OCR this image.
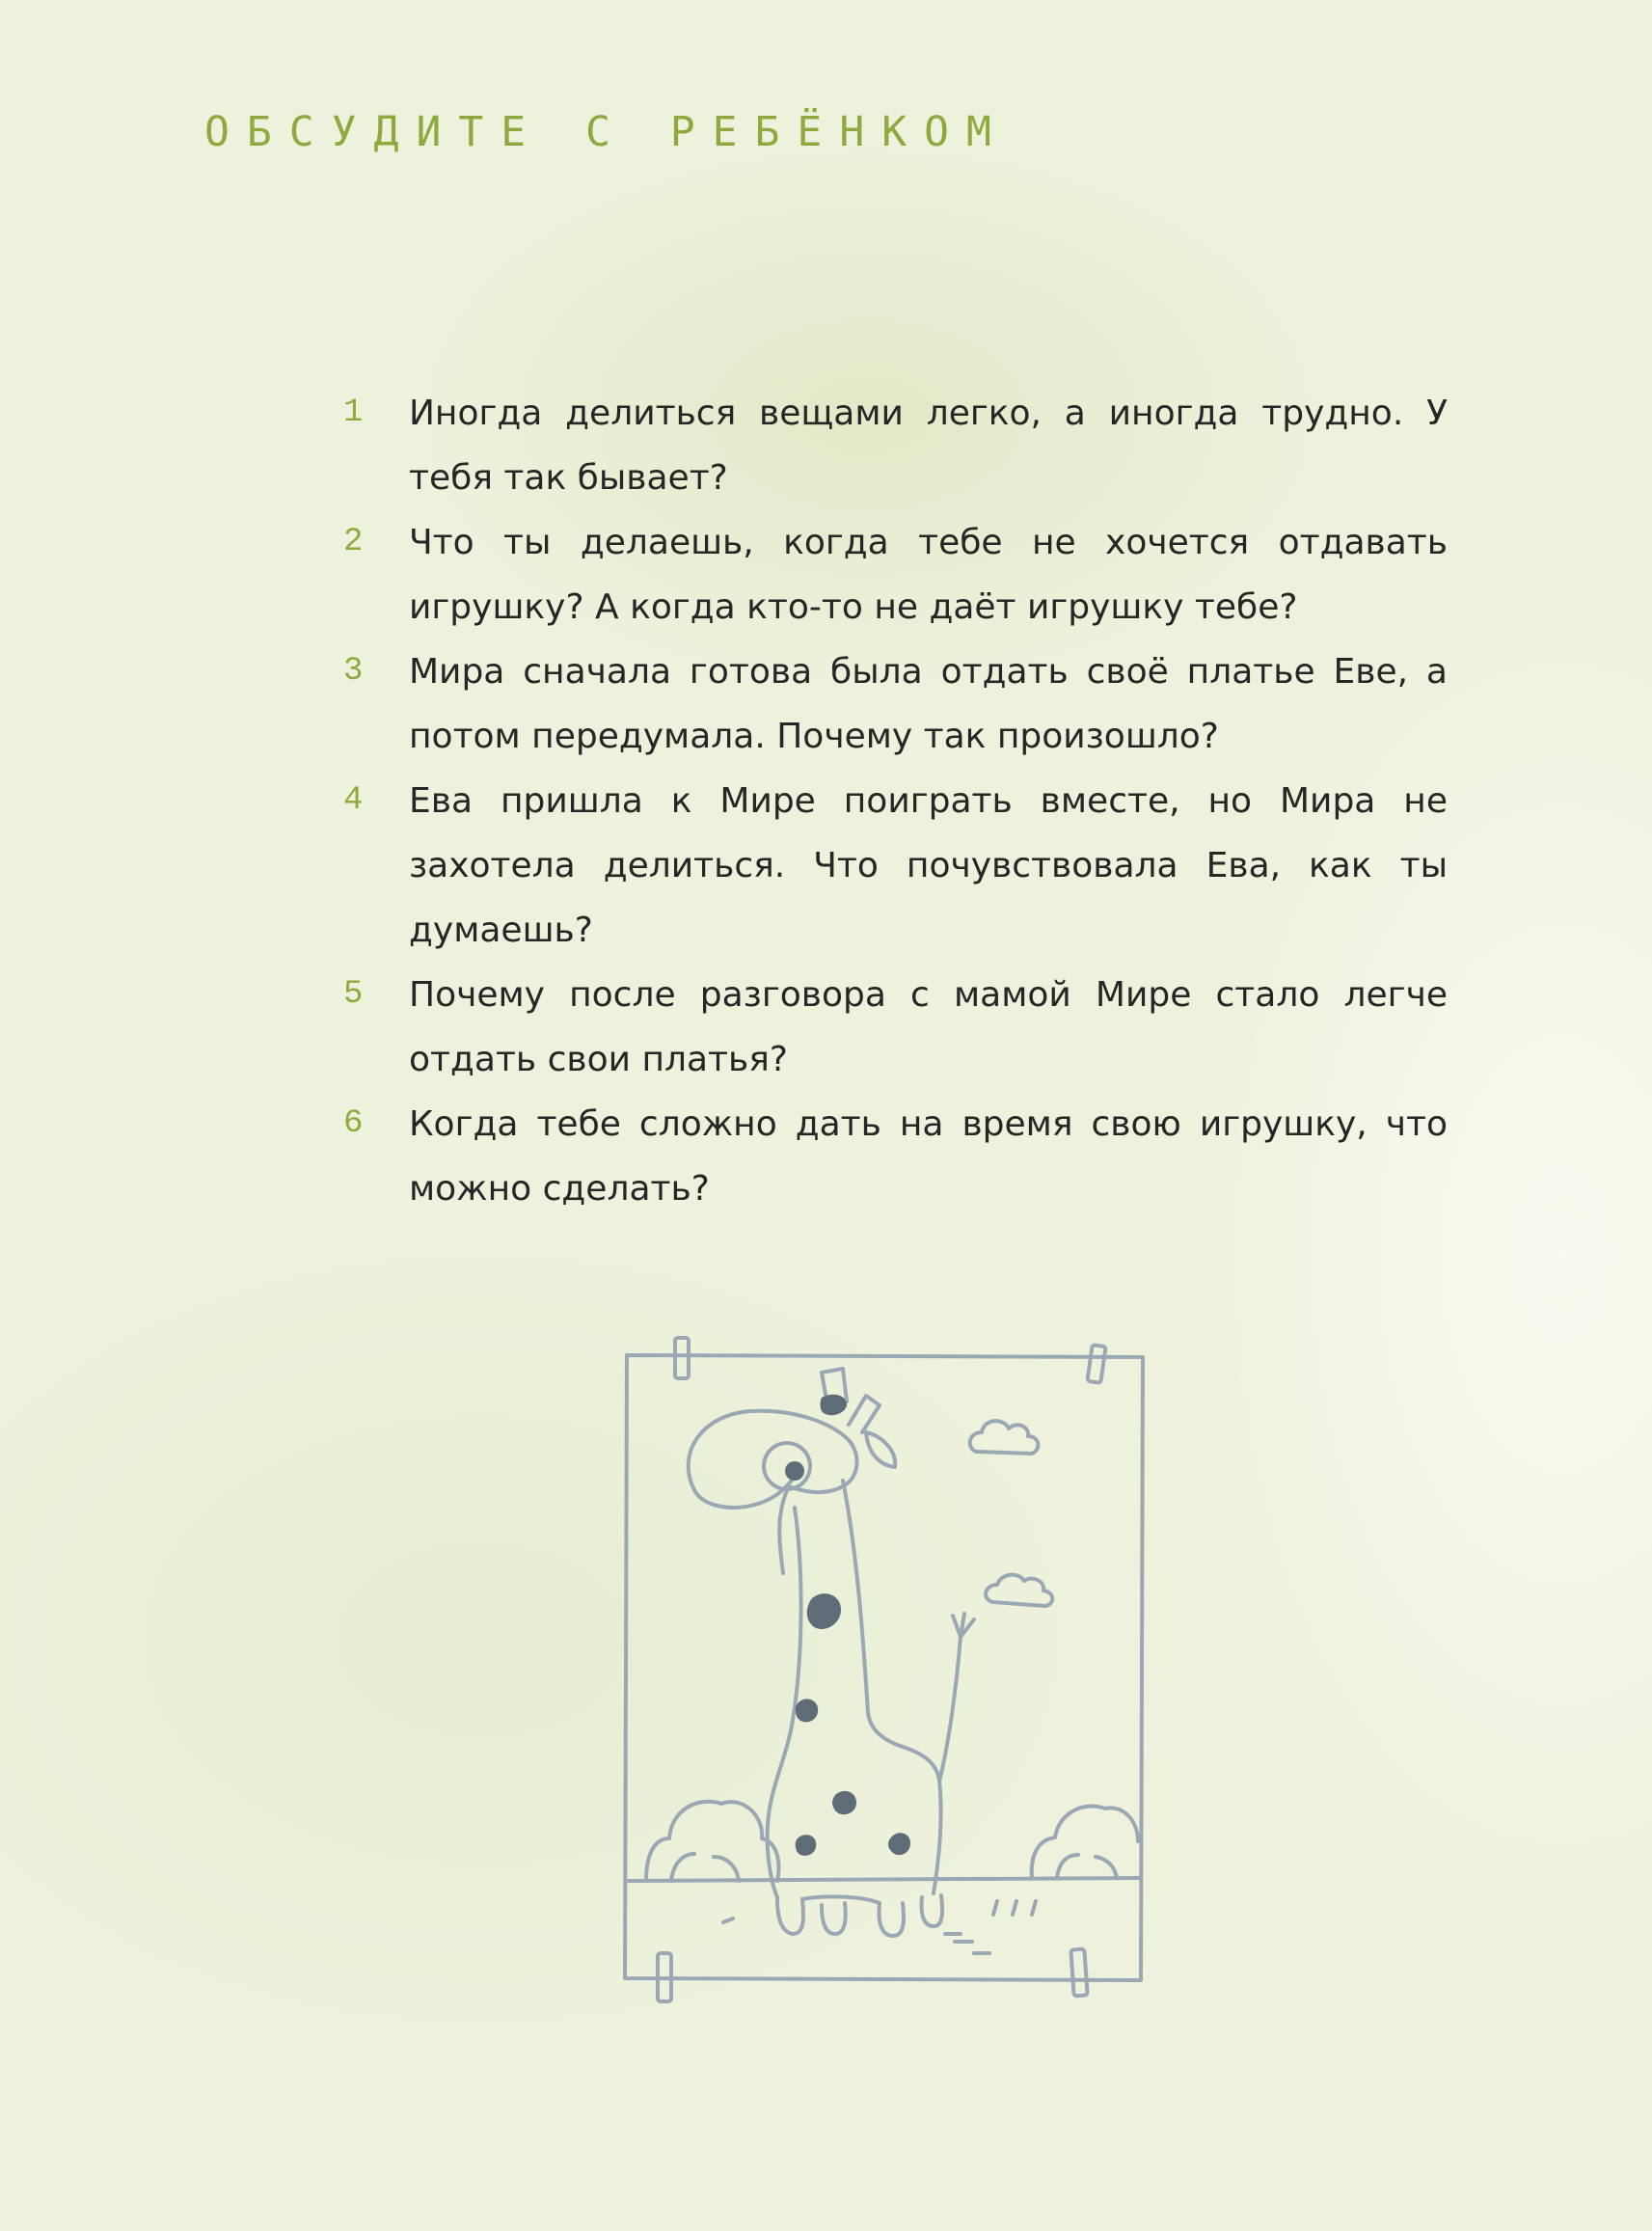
ОБСУДИТЕ С РЕБЁНКОМ
1	Иногда делиться вещами легко, а иногда трудно. У тебя так бывает?
2	Что ты делаешь, когда тебе не хочется отдавать игрушку? А когда кто-то не даёт игрушку тебе?
3	Мира сначала готова была отдать своё платье Еве, а потом передумала. Почему так произошло?
4	Ева пришла к Мире поиграть вместе, но Мира не захотела делиться. Что почувствовала Ева, как ты думаешь?
5	Почему после разговора с мамой Мире стало легче отдать свои платья?
6	Когда тебе сложно дать на время свою игрушку, что можно сделать?
